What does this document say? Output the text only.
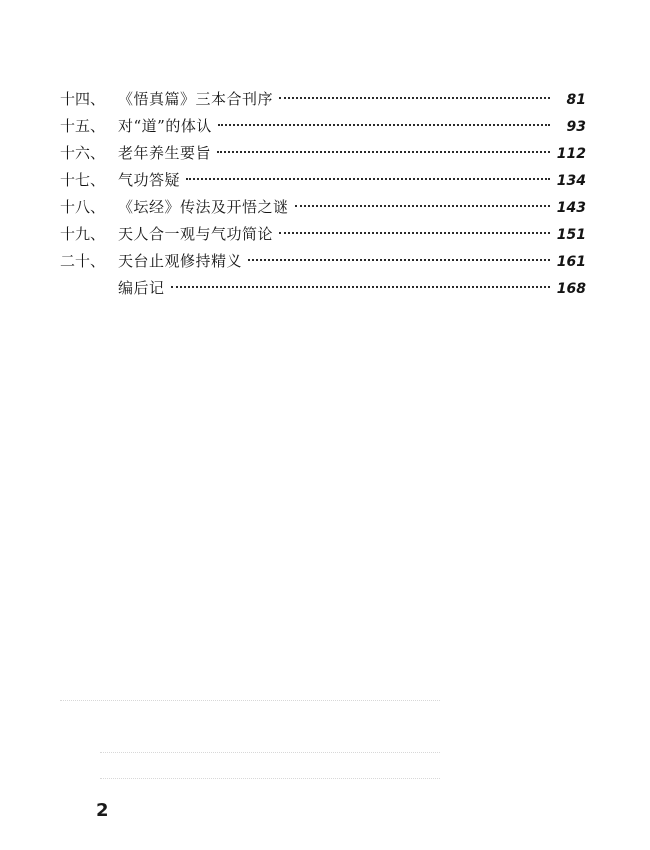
十四、 《悟真篇》三本合刊序	81
十五、 对“道”的体认	93
十六、 老年养生要旨	112
十七、 气功答疑	134
十八、 《坛经》传法及开悟之谜	143
十九、 天人合一观与气功简论	151
二十、 天台止观修持精义	161
编后记	168
2
